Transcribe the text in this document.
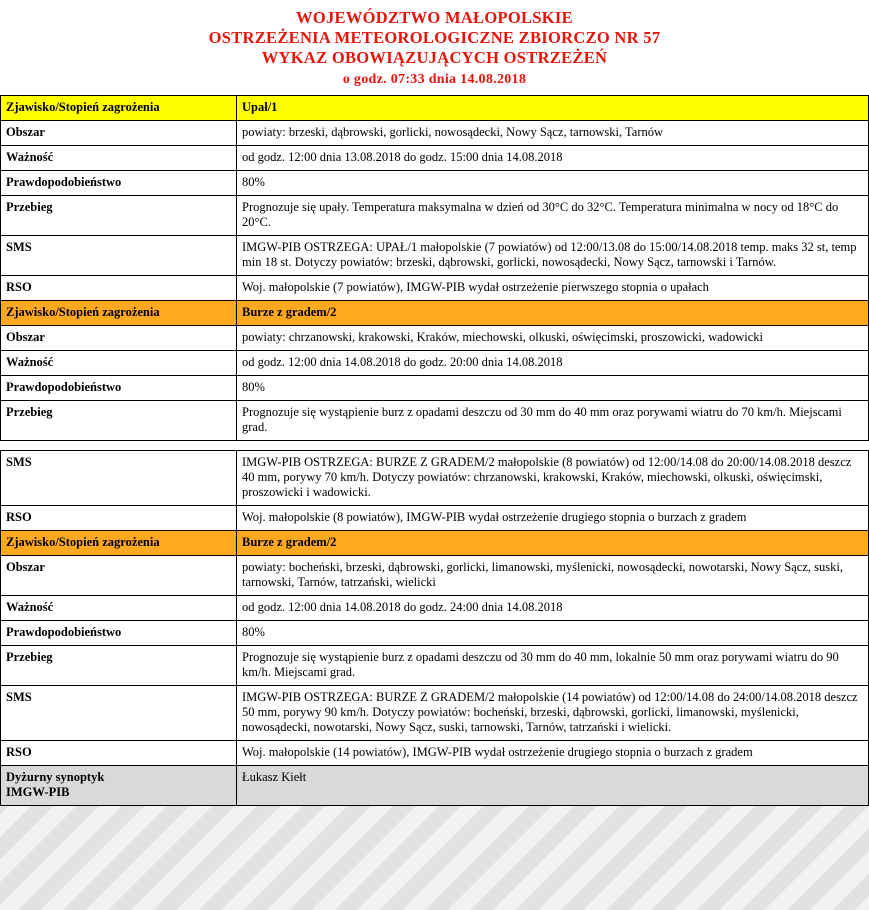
WOJEWÓDZTWO MAŁOPOLSKIE
OSTRZEŻENIA METEOROLOGICZNE ZBIORCZO NR 57
WYKAZ OBOWIĄZUJĄCYCH OSTRZEŻEŃ
o godz. 07:33 dnia 14.08.2018
Zjawisko/Stopień zagrożenia	Upał/1
Obszar	powiaty: brzeski, dąbrowski, gorlicki, nowosądecki, Nowy Sącz, tarnowski, Tarnów
Ważność	od godz. 12:00 dnia 13.08.2018 do godz. 15:00 dnia 14.08.2018
Prawdopodobieństwo	80%
Przebieg	Prognozuje się upały. Temperatura maksymalna w dzień od 30°C do 32°C. Temperatura minimalna w nocy od 18°C do 20°C.
SMS	IMGW-PIB OSTRZEGA: UPAŁ/1 małopolskie (7 powiatów) od 12:00/13.08 do 15:00/14.08.2018 temp. maks 32 st, temp min 18 st. Dotyczy powiatów: brzeski, dąbrowski, gorlicki, nowosądecki, Nowy Sącz, tarnowski i Tarnów.
RSO	Woj. małopolskie (7 powiatów), IMGW-PIB wydał ostrzeżenie pierwszego stopnia o upałach
Zjawisko/Stopień zagrożenia	Burze z gradem/2
Obszar	powiaty: chrzanowski, krakowski, Kraków, miechowski, olkuski, oświęcimski, proszowicki, wadowicki
Ważność	od godz. 12:00 dnia 14.08.2018 do godz. 20:00 dnia 14.08.2018
Prawdopodobieństwo	80%
Przebieg	Prognozuje się wystąpienie burz z opadami deszczu od 30 mm do 40 mm oraz porywami wiatru do 70 km/h. Miejscami grad.

SMS	IMGW-PIB OSTRZEGA: BURZE Z GRADEM/2 małopolskie (8 powiatów) od 12:00/14.08 do 20:00/14.08.2018 deszcz 40 mm, porywy 70 km/h. Dotyczy powiatów: chrzanowski, krakowski, Kraków, miechowski, olkuski, oświęcimski, proszowicki i wadowicki.
RSO	Woj. małopolskie (8 powiatów), IMGW-PIB wydał ostrzeżenie drugiego stopnia o burzach z gradem
Zjawisko/Stopień zagrożenia	Burze z gradem/2
Obszar	powiaty: bocheński, brzeski, dąbrowski, gorlicki, limanowski, myślenicki, nowosądecki, nowotarski, Nowy Sącz, suski, tarnowski, Tarnów, tatrzański, wielicki
Ważność	od godz. 12:00 dnia 14.08.2018 do godz. 24:00 dnia 14.08.2018
Prawdopodobieństwo	80%
Przebieg	Prognozuje się wystąpienie burz z opadami deszczu od 30 mm do 40 mm, lokalnie 50 mm oraz porywami wiatru do 90 km/h. Miejscami grad.
SMS	IMGW-PIB OSTRZEGA: BURZE Z GRADEM/2 małopolskie (14 powiatów) od 12:00/14.08 do 24:00/14.08.2018 deszcz 50 mm, porywy 90 km/h. Dotyczy powiatów: bocheński, brzeski, dąbrowski, gorlicki, limanowski, myślenicki, nowosądecki, nowotarski, Nowy Sącz, suski, tarnowski, Tarnów, tatrzański i wielicki.
RSO	Woj. małopolskie (14 powiatów), IMGW-PIB wydał ostrzeżenie drugiego stopnia o burzach z gradem
Dyżurny synoptyk
IMGW-PIB	Łukasz Kiełt
